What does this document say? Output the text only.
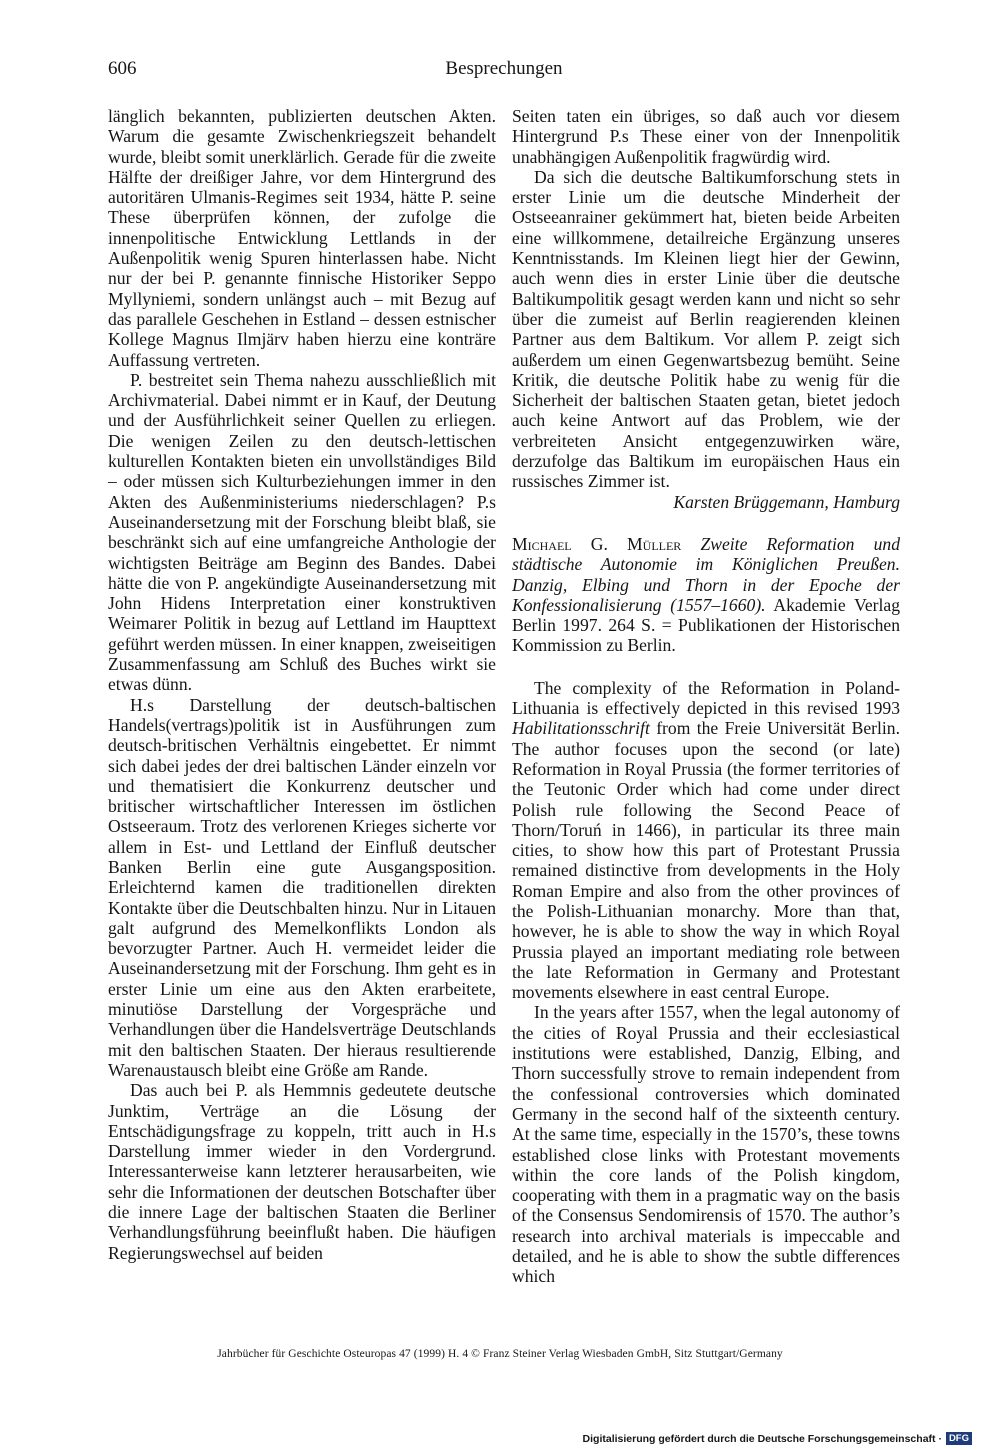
606	Besprechungen

länglich bekannten, publizierten deutschen Akten. Warum die gesamte Zwischenkriegszeit behandelt wurde, bleibt somit unerklärlich. Gerade für die zweite Hälfte der dreißiger Jahre, vor dem Hintergrund des autoritären Ulmanis-Regimes seit 1934, hätte P. seine These überprüfen können, der zufolge die innenpolitische Entwicklung Lettlands in der Außenpolitik wenig Spuren hinterlassen habe. Nicht nur der bei P. genannte finnische Historiker Seppo Myllyniemi, sondern unlängst auch – mit Bezug auf das parallele Geschehen in Estland – dessen estnischer Kollege Magnus Ilmjärv haben hierzu eine konträre Auffassung vertreten.

P. bestreitet sein Thema nahezu ausschließlich mit Archivmaterial. Dabei nimmt er in Kauf, der Deutung und der Ausführlichkeit seiner Quellen zu erliegen. Die wenigen Zeilen zu den deutsch-lettischen kulturellen Kontakten bieten ein unvollständiges Bild – oder müssen sich Kulturbeziehungen immer in den Akten des Außenministeriums niederschlagen? P.s Auseinandersetzung mit der Forschung bleibt blaß, sie beschränkt sich auf eine umfangreiche Anthologie der wichtigsten Beiträge am Beginn des Bandes. Dabei hätte die von P. angekündigte Auseinandersetzung mit John Hidens Interpretation einer konstruktiven Weimarer Politik in bezug auf Lettland im Haupttext geführt werden müssen. In einer knappen, zweiseitigen Zusammenfassung am Schluß des Buches wirkt sie etwas dünn.

H.s Darstellung der deutsch-baltischen Handels(vertrags)politik ist in Ausführungen zum deutsch-britischen Verhältnis eingebettet. Er nimmt sich dabei jedes der drei baltischen Länder einzeln vor und thematisiert die Konkurrenz deutscher und britischer wirtschaftlicher Interessen im östlichen Ostseeraum. Trotz des verlorenen Krieges sicherte vor allem in Est- und Lettland der Einfluß deutscher Banken Berlin eine gute Ausgangsposition. Erleichternd kamen die traditionellen direkten Kontakte über die Deutschbalten hinzu. Nur in Litauen galt aufgrund des Memelkonflikts London als bevorzugter Partner. Auch H. vermeidet leider die Auseinandersetzung mit der Forschung. Ihm geht es in erster Linie um eine aus den Akten erarbeitete, minutiöse Darstellung der Vorgespräche und Verhandlungen über die Handelsverträge Deutschlands mit den baltischen Staaten. Der hieraus resultierende Warenaustausch bleibt eine Größe am Rande.

Das auch bei P. als Hemmnis gedeutete deutsche Junktim, Verträge an die Lösung der Entschädigungsfrage zu koppeln, tritt auch in H.s Darstellung immer wieder in den Vordergrund. Interessanterweise kann letzterer herausarbeiten, wie sehr die Informationen der deutschen Botschafter über die innere Lage der baltischen Staaten die Berliner Verhandlungsführung beeinflußt haben. Die häufigen Regierungswechsel auf beiden

Seiten taten ein übriges, so daß auch vor diesem Hintergrund P.s These einer von der Innenpolitik unabhängigen Außenpolitik fragwürdig wird.

Da sich die deutsche Baltikumforschung stets in erster Linie um die deutsche Minderheit der Ostseeanrainer gekümmert hat, bieten beide Arbeiten eine willkommene, detailreiche Ergänzung unseres Kenntnisstands. Im Kleinen liegt hier der Gewinn, auch wenn dies in erster Linie über die deutsche Baltikumpolitik gesagt werden kann und nicht so sehr über die zumeist auf Berlin reagierenden kleinen Partner aus dem Baltikum. Vor allem P. zeigt sich außerdem um einen Gegenwartsbezug bemüht. Seine Kritik, die deutsche Politik habe zu wenig für die Sicherheit der baltischen Staaten getan, bietet jedoch auch keine Antwort auf das Problem, wie der verbreiteten Ansicht entgegenzuwirken wäre, derzufolge das Baltikum im europäischen Haus ein russisches Zimmer ist.
Karsten Brüggemann, Hamburg

Michael G. Müller Zweite Reformation und städtische Autonomie im Königlichen Preußen. Danzig, Elbing und Thorn in der Epoche der Konfessionalisierung (1557–1660). Akademie Verlag Berlin 1997. 264 S. = Publikationen der Historischen Kommission zu Berlin.

The complexity of the Reformation in Poland-Lithuania is effectively depicted in this revised 1993 Habilitationsschrift from the Freie Universität Berlin. The author focuses upon the second (or late) Reformation in Royal Prussia (the former territories of the Teutonic Order which had come under direct Polish rule following the Second Peace of Thorn/Toruń in 1466), in particular its three main cities, to show how this part of Protestant Prussia remained distinctive from developments in the Holy Roman Empire and also from the other provinces of the Polish-Lithuanian monarchy. More than that, however, he is able to show the way in which Royal Prussia played an important mediating role between the late Reformation in Germany and Protestant movements elsewhere in east central Europe.

In the years after 1557, when the legal autonomy of the cities of Royal Prussia and their ecclesiastical institutions were established, Danzig, Elbing, and Thorn successfully strove to remain independent from the confessional controversies which dominated Germany in the second half of the sixteenth century. At the same time, especially in the 1570’s, these towns established close links with Protestant movements within the core lands of the Polish kingdom, cooperating with them in a pragmatic way on the basis of the Consensus Sendomirensis of 1570. The author’s research into archival materials is impeccable and detailed, and he is able to show the subtle differences which

Jahrbücher für Geschichte Osteuropas 47 (1999) H. 4 © Franz Steiner Verlag Wiesbaden GmbH, Sitz Stuttgart/Germany
Digitalisierung gefördert durch die Deutsche Forschungsgemeinschaft · DFG
